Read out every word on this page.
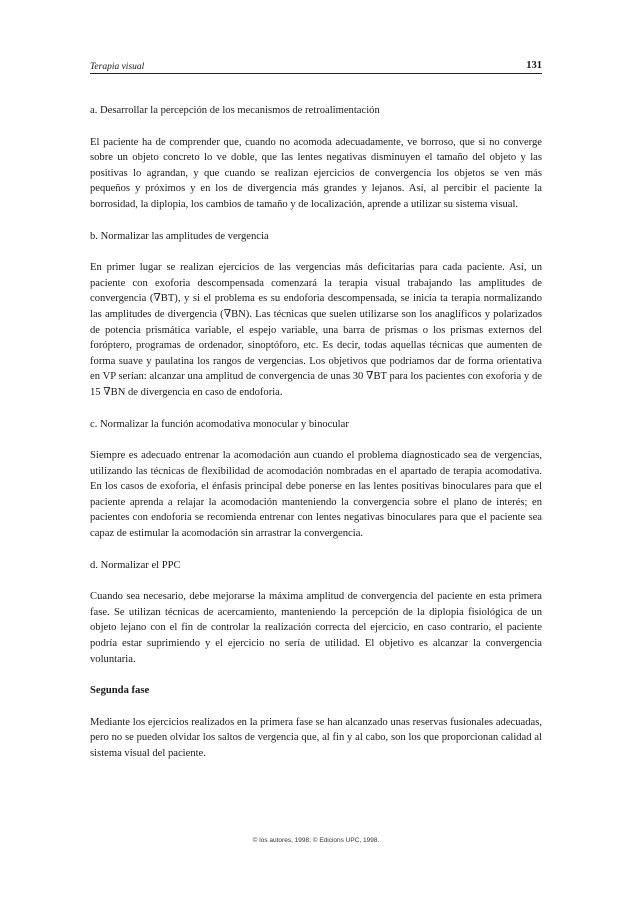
Terapia visual	131
a. Desarrollar la percepción de los mecanismos de retroalimentación

El paciente ha de comprender que, cuando no acomoda adecuadamente, ve borroso, que si no converge sobre un objeto concreto lo ve doble, que las lentes negativas disminuyen el tamaño del objeto y las positivas lo agrandan, y que cuando se realizan ejercicios de convergencia los objetos se ven más pequeños y próximos y en los de divergencia más grandes y lejanos. Así, al percibir el paciente la borrosidad, la diplopia, los cambios de tamaño y de localización, aprende a utilizar su sistema visual.

b. Normalizar las amplitudes de vergencia

En primer lugar se realizan ejercicios de las vergencias más deficitarias para cada paciente. Así, un paciente con exoforia descompensada comenzará la terapia visual trabajando las amplitudes de convergencia (∇BT), y si el problema es su endoforia descompensada, se inicia ta terapia normalizando las amplitudes de divergencia (∇BN). Las técnicas que suelen utilizarse son los anaglíficos y polarizados de potencia prismática variable, el espejo variable, una barra de prismas o los prismas externos del foróptero, programas de ordenador, sinoptóforo, etc. Es decir, todas aquellas técnicas que aumenten de forma suave y paulatina los rangos de vergencias. Los objetivos que podríamos dar de forma orientativa en VP serían: alcanzar una amplitud de convergencia de unas 30 ∇BT para los pacientes con exoforia y de 15 ∇BN de divergencia en caso de endoforia.

c. Normalizar la función acomodativa monocular y binocular

Siempre es adecuado entrenar la acomodación aun cuando el problema diagnosticado sea de vergencias, utilizando las técnicas de flexibilidad de acomodación nombradas en el apartado de terapia acomodativa. En los casos de exoforia, el énfasis principal debe ponerse en las lentes positivas binoculares para que el paciente aprenda a relajar la acomodación manteniendo la convergencia sobre el plano de interés; en pacientes con endoforia se recomienda entrenar con lentes negativas binoculares para que el paciente sea capaz de estimular la acomodación sin arrastrar la convergencia.

d. Normalizar el PPC

Cuando sea necesario, debe mejorarse la máxima amplitud de convergencia del paciente en esta primera fase. Se utilizan técnicas de acercamiento, manteniendo la percepción de la diplopia fisiológica de un objeto lejano con el fin de controlar la realización correcta del ejercicio, en caso contrario, el paciente podría estar suprimiendo y el ejercicio no sería de utilidad. El objetivo es alcanzar la convergencia voluntaria.

Segunda fase

Mediante los ejercicios realizados en la primera fase se han alcanzado unas reservas fusionales adecuadas, pero no se pueden olvidar los saltos de vergencia que, al fin y al cabo, son los que proporcionan calidad al sistema visual del paciente.

© los autores, 1998; © Edicions UPC, 1998.
